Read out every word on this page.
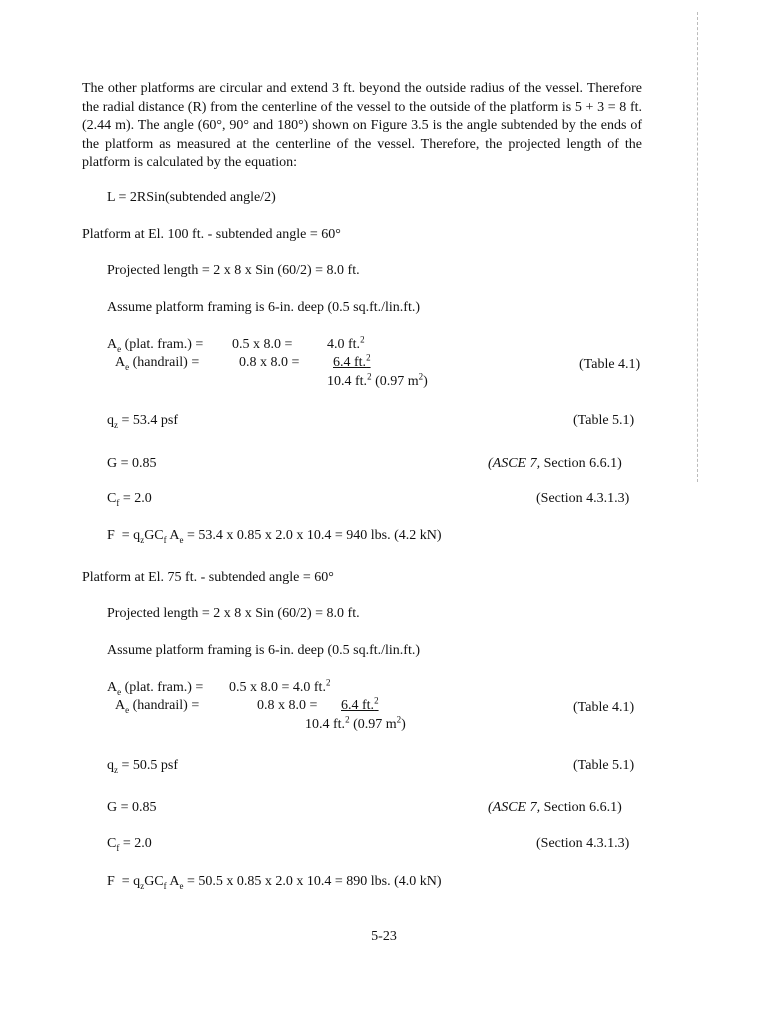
The other platforms are circular and extend 3 ft. beyond the outside radius of the vessel. Therefore the radial distance (R) from the centerline of the vessel to the outside of the platform is 5 + 3 = 8 ft. (2.44 m). The angle (60°, 90° and 180°) shown on Figure 3.5 is the angle subtended by the ends of the platform as measured at the centerline of the vessel. Therefore, the projected length of the platform is calculated by the equation:
L = 2RSin(subtended angle/2)
Platform at El. 100 ft. - subtended angle = 60°
Projected length = 2 x 8 x Sin (60/2) = 8.0 ft.
Assume platform framing is 6-in. deep (0.5 sq.ft./lin.ft.)
$A_e$ (plat. fram.) = 0.5 x 8.0 = 4.0 ft.$^2$
$A_e$ (handrail) =	0.8 x 8.0 = 6.4 ft.$^2$	(Table 4.1)
10.4 ft.$^2$ (0.97 $m^2$)
$q_z = 53.4$ psf	(Table 5.1)
G = 0.85	(ASCE 7, Section 6.6.1)
$C_f = 2.0$	(Section 4.3.1.3)
$F = q_zGC_f$ $A_e = 53.4$ x 0.85 x 2.0 x 10.4 = 940 lbs. (4.2 kN)
Platform at El. 75 ft. - subtended angle = 60°
Projected length = 2 x 8 x Sin (60/2) = 8.0 ft.
Assume platform framing is 6-in. deep (0.5 sq.ft./lin.ft.)
$A_e$ (plat. fram.) = 0.5 x 8.0 = 4.0 ft.$^2$
$A_e$ (handrail) =	0.8 x 8.0 = 6.4 ft.$^2$	(Table 4.1)
10.4 ft.$^2$ (0.97 $m^2$)
$q_z = 50.5$ psf	(Table 5.1)
G = 0.85	(ASCE 7, Section 6.6.1)
$C_f = 2.0$	(Section 4.3.1.3)
$F = q_zGC_f$ $A_e = 50.5$ x 0.85 x 2.0 x 10.4 = 890 lbs. (4.0 kN)
5-23
